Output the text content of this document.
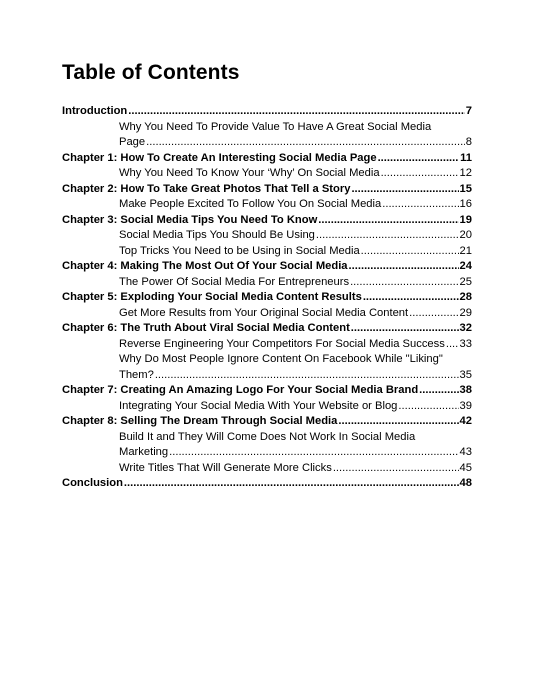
Table of Contents
Introduction .....	7
Why You Need To Provide Value To Have A Great Social Media
Page .....	8
Chapter 1: How To Create An Interesting Social Media Page .....	11
Why You Need To Know Your ‘Why’ On Social Media .....	12
Chapter 2: How To Take Great Photos That Tell a Story .....	15
Make People Excited To Follow You On Social Media .....	16
Chapter 3: Social Media Tips You Need To Know .....	19
Social Media Tips You Should Be Using .....	20
Top Tricks You Need to be Using in Social Media .....	21
Chapter 4: Making The Most Out Of Your Social Media .....	24
The Power Of Social Media For Entrepreneurs .....	25
Chapter 5: Exploding Your Social Media Content Results .....	28
Get More Results from Your Original Social Media Content .....	29
Chapter 6: The Truth About Viral Social Media Content .....	32
Reverse Engineering Your Competitors For Social Media Success ..... 33
Why Do Most People Ignore Content On Facebook While "Liking"
Them? .....	35
Chapter 7: Creating An Amazing Logo For Your Social Media Brand .....	38
Integrating Your Social Media With Your Website or Blog .....	39
Chapter 8: Selling The Dream Through Social Media .....	42
Build It and They Will Come Does Not Work In Social Media
Marketing .....	43
Write Titles That Will Generate More Clicks .....	45
Conclusion .....	48
